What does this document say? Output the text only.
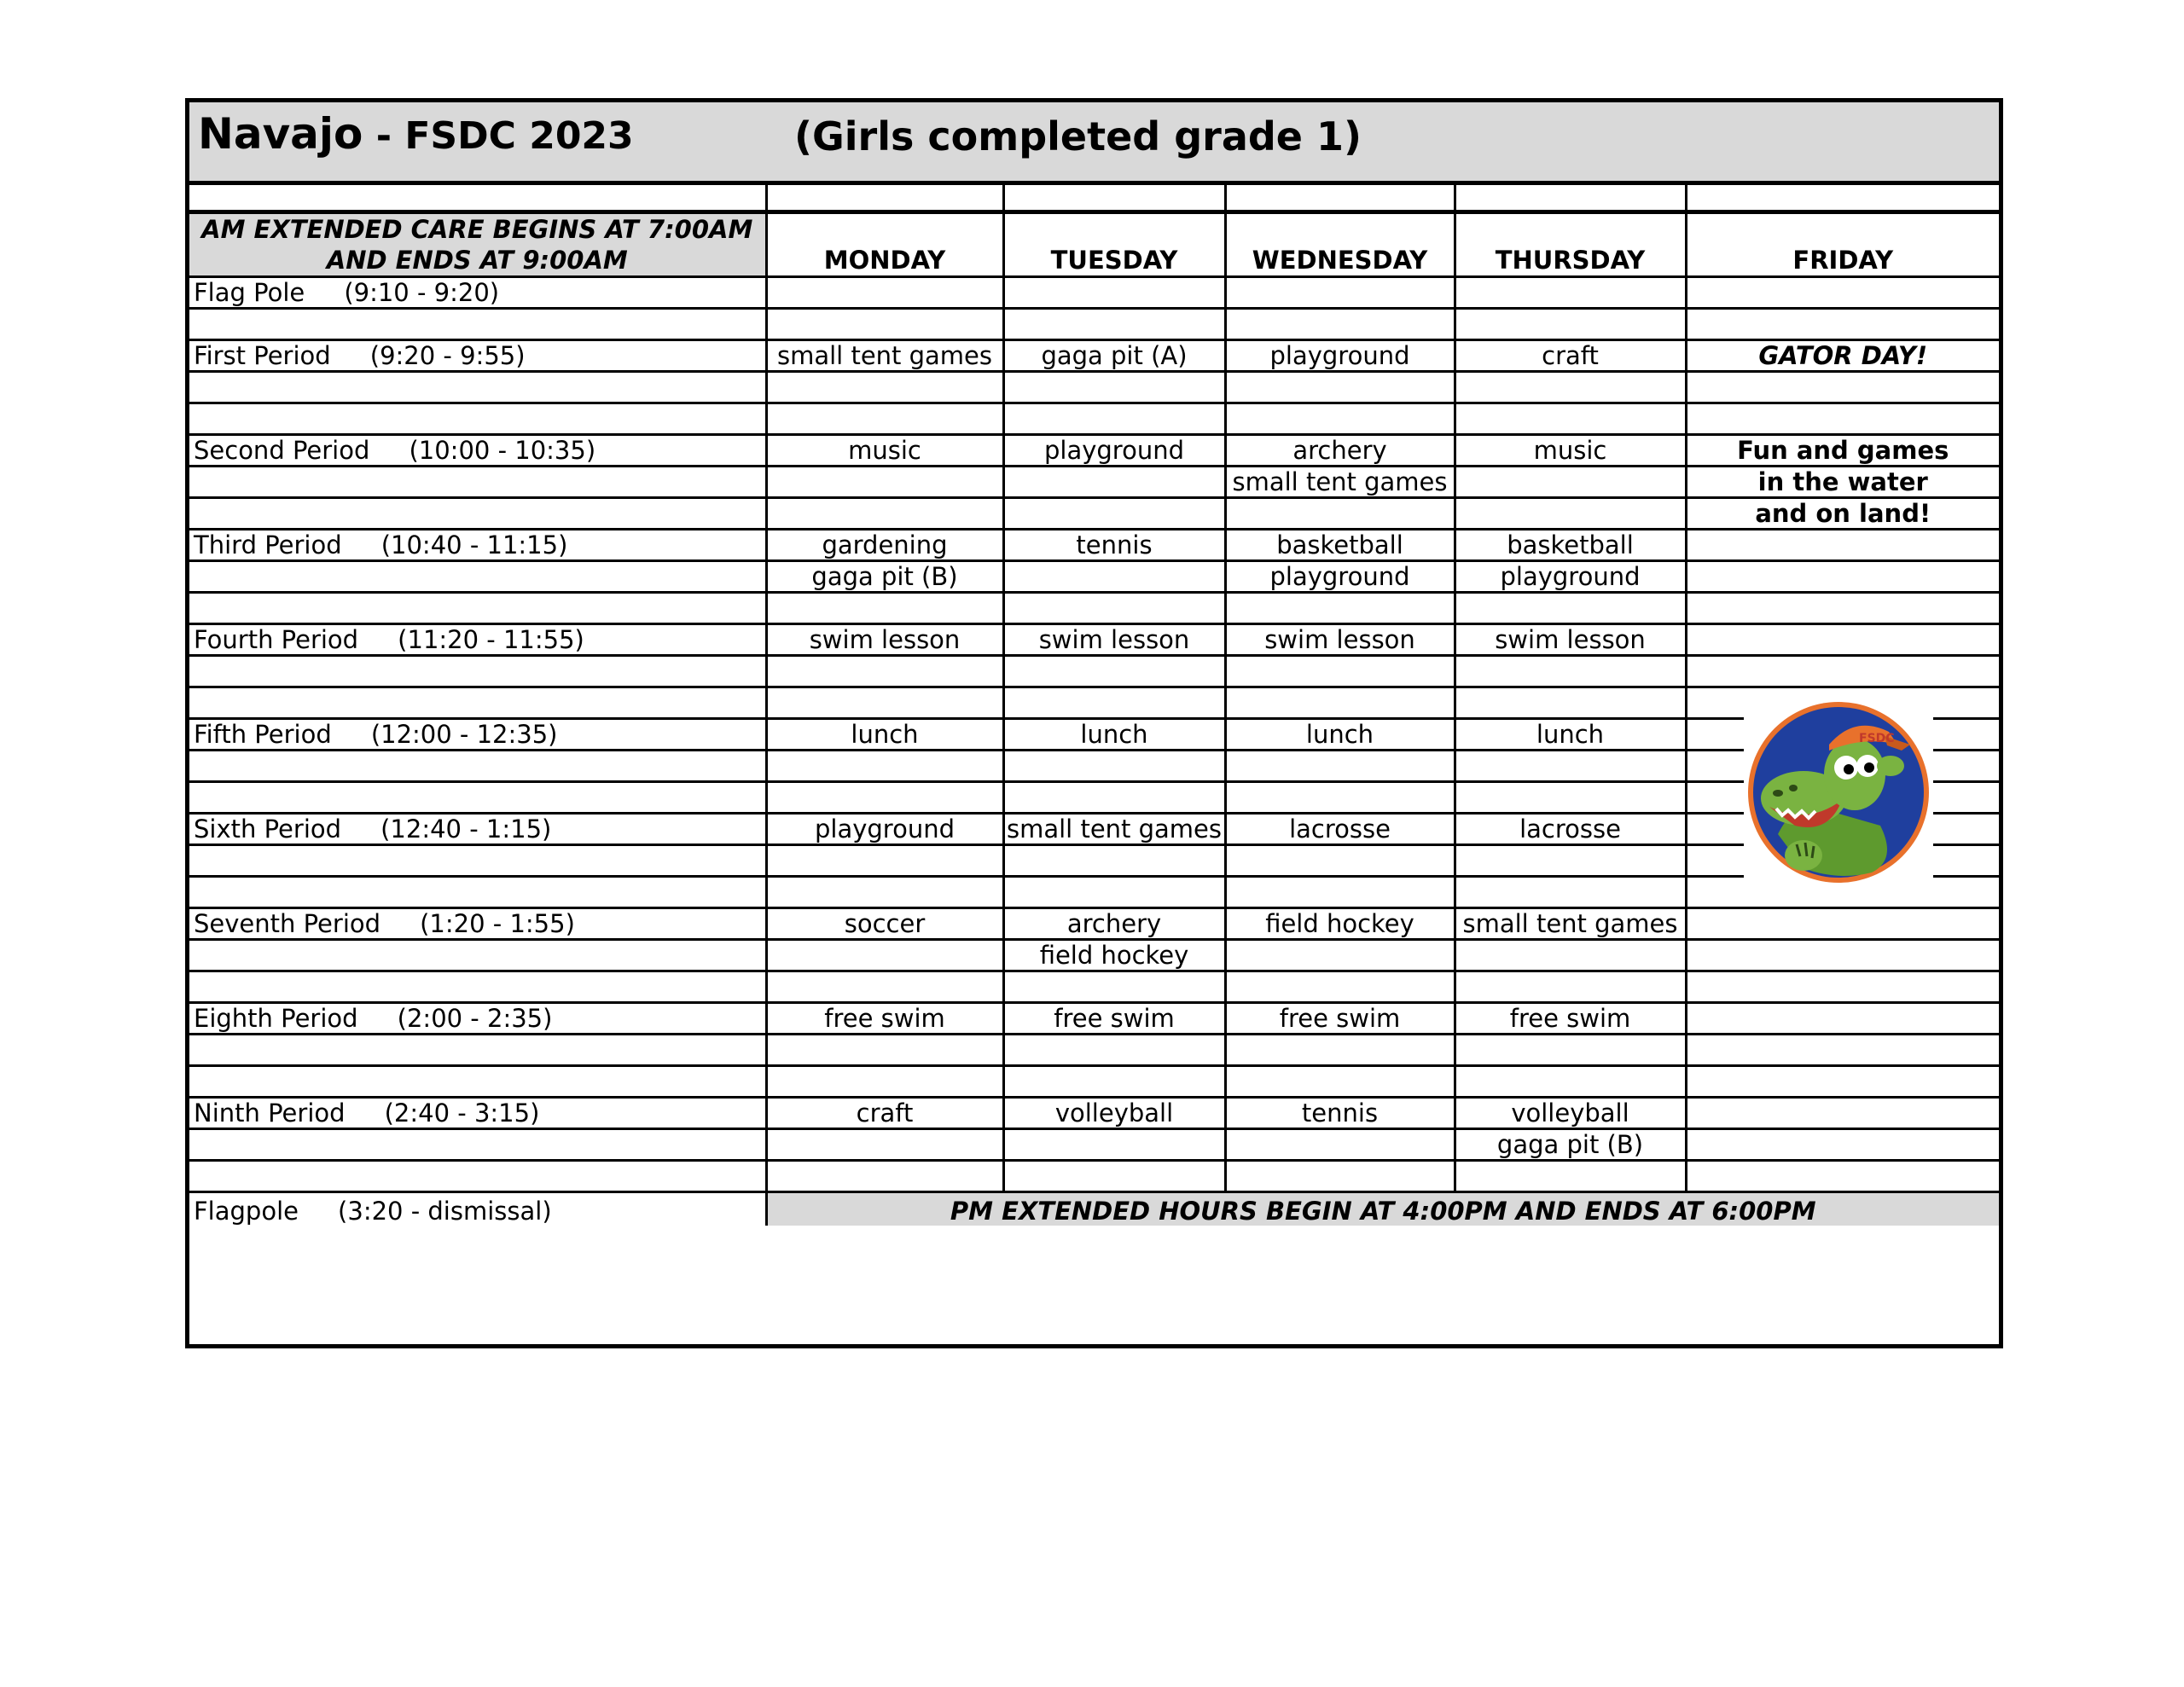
Navajo - FSDC 2023	(Girls completed grade 1)

AM EXTENDED CARE BEGINS AT 7:00AM
AND ENDS AT 9:00AM	MONDAY	TUESDAY	WEDNESDAY	THURSDAY	FRIDAY
Flag Pole     (9:10 - 9:20)					

First Period     (9:20 - 9:55)	small tent games	gaga pit (A)	playground	craft	GATOR DAY!

Second Period     (10:00 - 10:35)	music	playground	archery	music	Fun and games
			small tent games		in the water
					and on land!
Third Period     (10:40 - 11:15)	gardening	tennis	basketball	basketball	
	gaga pit (B)		playground	playground	

Fourth Period     (11:20 - 11:55)	swim lesson	swim lesson	swim lesson	swim lesson	

Fifth Period     (12:00 - 12:35)	lunch	lunch	lunch	lunch	

Sixth Period     (12:40 - 1:15)	playground	small tent games	lacrosse	lacrosse	

Seventh Period     (1:20 - 1:55)	soccer	archery	field hockey	small tent games	
		field hockey			

Eighth Period     (2:00 - 2:35)	free swim	free swim	free swim	free swim	

Ninth Period     (2:40 - 3:15)	craft	volleyball	tennis	volleyball	
				gaga pit (B)	

Flagpole     (3:20 - dismissal)	PM EXTENDED HOURS BEGIN AT 4:00PM AND ENDS AT 6:00PM				
FSDC
